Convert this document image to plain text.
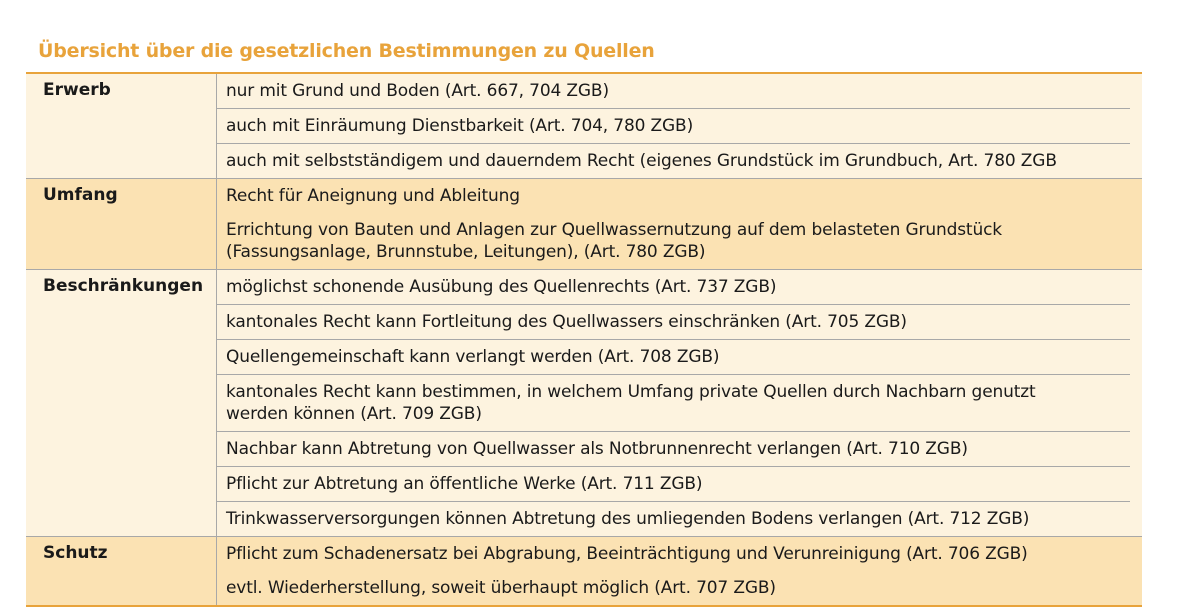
Übersicht über die gesetzlichen Bestimmungen zu Quellen
Erwerb	nur mit Grund und Boden (Art. 667, 704 ZGB)
auch mit Einräumung Dienstbarkeit (Art. 704, 780 ZGB)
auch mit selbstständigem und dauerndem Recht (eigenes Grundstück im Grundbuch, Art. 780 ZGB
Umfang	Recht für Aneignung und Ableitung
Errichtung von Bauten und Anlagen zur Quellwassernutzung auf dem belasteten Grundstück
(Fassungsanlage, Brunnstube, Leitungen), (Art. 780 ZGB)
Beschränkungen	möglichst schonende Ausübung des Quellenrechts (Art. 737 ZGB)
kantonales Recht kann Fortleitung des Quellwassers einschränken (Art. 705 ZGB)
Quellengemeinschaft kann verlangt werden (Art. 708 ZGB)
kantonales Recht kann bestimmen, in welchem Umfang private Quellen durch Nachbarn genutzt
werden können (Art. 709 ZGB)
Nachbar kann Abtretung von Quellwasser als Notbrunnenrecht verlangen (Art. 710 ZGB)
Pflicht zur Abtretung an öffentliche Werke (Art. 711 ZGB)
Trinkwasserversorgungen können Abtretung des umliegenden Bodens verlangen (Art. 712 ZGB)
Schutz	Pflicht zum Schadenersatz bei Abgrabung, Beeinträchtigung und Verunreinigung (Art. 706 ZGB)
evtl. Wiederherstellung, soweit überhaupt möglich (Art. 707 ZGB)
